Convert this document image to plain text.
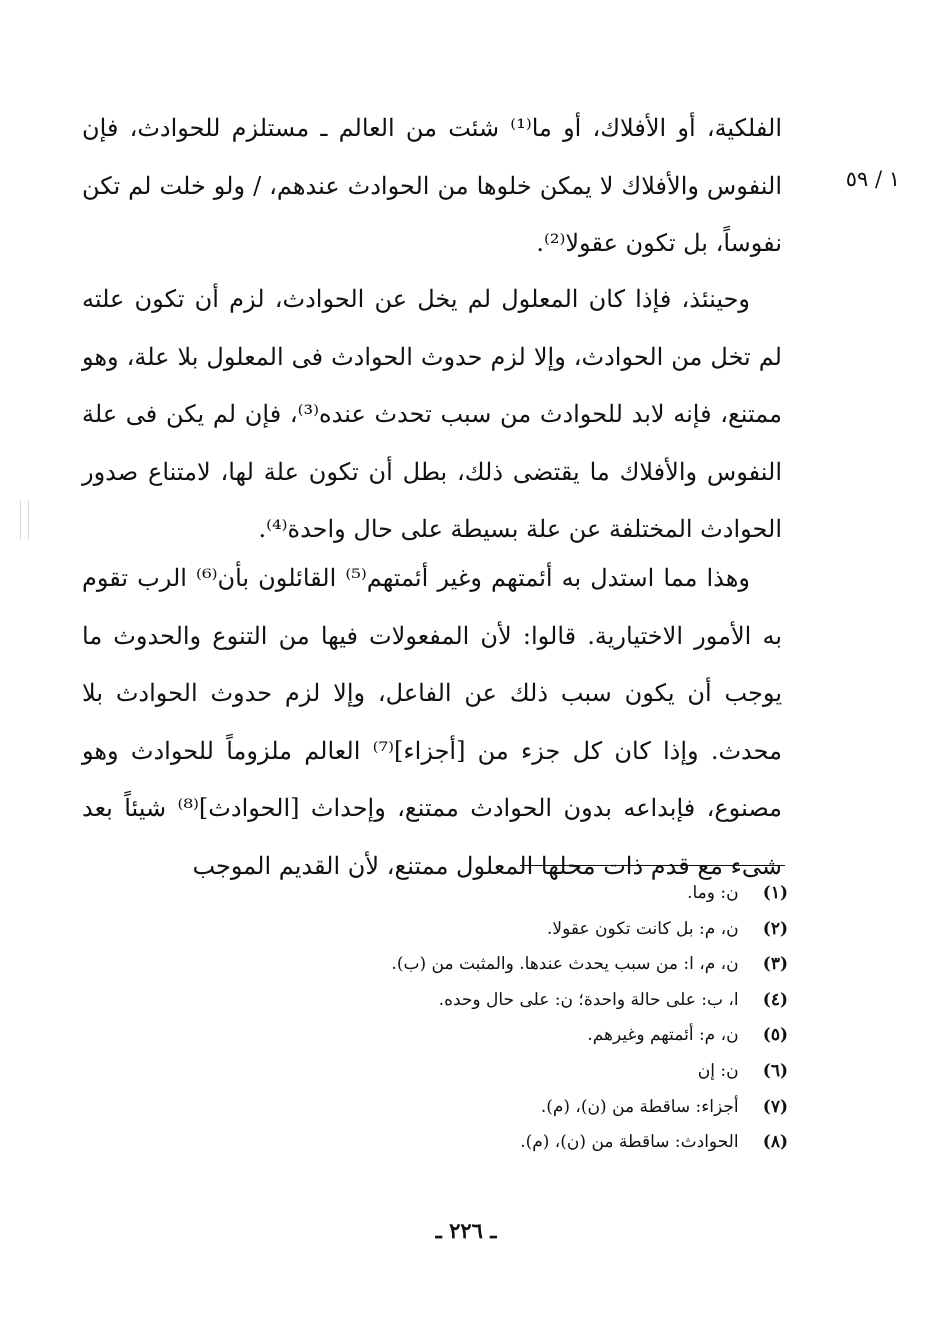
١ / ٥٩

الفلكية، أو الأفلاك، أو ما⁽¹⁾ شئت من العالم ـ مستلزم للحوادث، فإن النفوس والأفلاك لا يمكن خلوها من الحوادث عندهم، / ولو خلت لم تكن نفوساً، بل تكون عقولا⁽²⁾.

وحينئذ، فإذا كان المعلول لم يخل عن الحوادث، لزم أن تكون علته لم تخل من الحوادث، وإلا لزم حدوث الحوادث فى المعلول بلا علة، وهو ممتنع، فإنه لابد للحوادث من سبب تحدث عنده⁽³⁾، فإن لم يكن فى علة النفوس والأفلاك ما يقتضى ذلك، بطل أن تكون علة لها، لامتناع صدور الحوادث المختلفة عن علة بسيطة على حال واحدة⁽⁴⁾.

وهذا مما استدل به أئمتهم وغير أئمتهم⁽⁵⁾ القائلون بأن⁽⁶⁾ الرب تقوم به الأمور الاختيارية. قالوا: لأن المفعولات فيها من التنوع والحدوث ما يوجب أن يكون سبب ذلك عن الفاعل، وإلا لزم حدوث الحوادث بلا محدث. وإذا كان كل جزء من [أجزاء]⁽⁷⁾ العالم ملزوماً للحوادث وهو مصنوع، فإبداعه بدون الحوادث ممتنع، وإحداث [الحوادث]⁽⁸⁾ شيئاً بعد شىء مع قدم ذات محلها المعلول ممتنع، لأن القديم الموجب

(١) ن: وما.
(٢) ن، م: بل كانت تكون عقولا.
(٣) ن، م، ا: من سبب يحدث عندها. والمثبت من (ب).
(٤) ا، ب: على حالة واحدة؛ ن: على حال وحده.
(٥) ن، م: أئمتهم وغيرهم.
(٦) ن: إن
(٧) أجزاء: ساقطة من (ن)، (م).
(٨) الحوادث: ساقطة من (ن)، (م).
ـ ٢٢٦ ـ
